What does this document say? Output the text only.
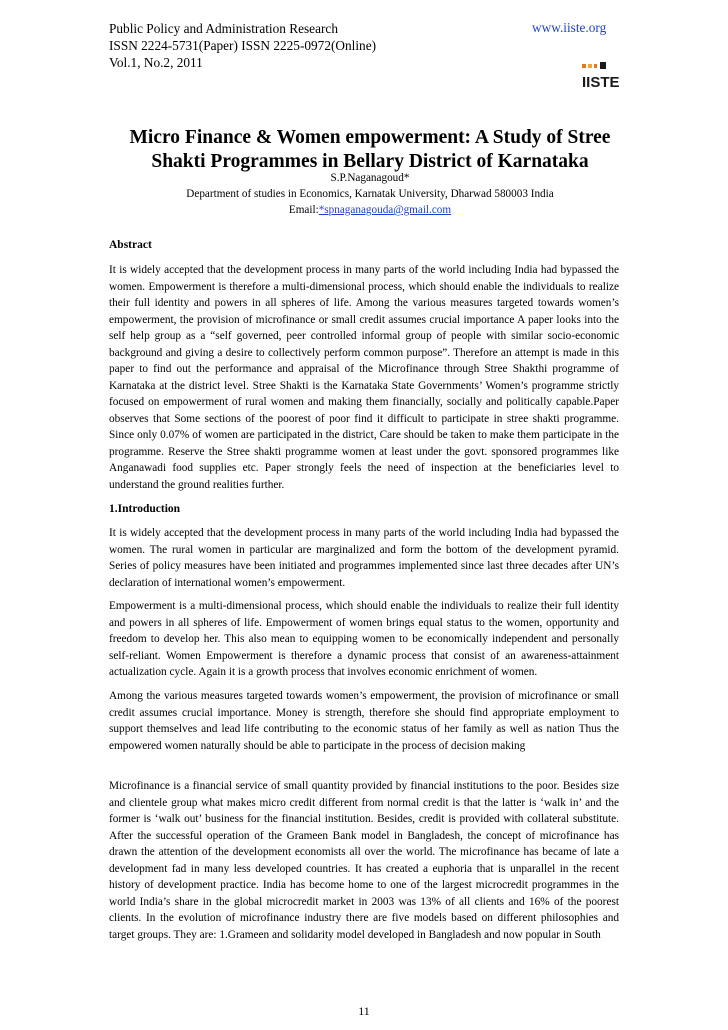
Public Policy and Administration Research
ISSN 2224-5731(Paper) ISSN 2225-0972(Online)
Vol.1, No.2, 2011
www.iiste.org
IISTE
Micro Finance & Women empowerment: A Study of Stree
Shakti Programmes in Bellary District of Karnataka
S.P.Naganagoud*
Department of studies in Economics, Karnatak University, Dharwad 580003 India
Email:*spnaganagouda@gmail.com
Abstract

It is widely accepted that the development process in many parts of the world including India had bypassed the women. Empowerment is therefore a multi-dimensional process, which should enable the individuals to realize their full identity and powers in all spheres of life. Among the various measures targeted towards women’s empowerment, the provision of microfinance or small credit assumes crucial importance A paper looks into the self help group as a “self governed, peer controlled informal group of people with similar socio-economic background and giving a desire to collectively perform common purpose”. Therefore an attempt is made in this paper to find out the performance and appraisal of the Microfinance through Stree Shakthi programme of Karnataka at the district level. Stree Shakti is the Karnataka State Governments’ Women’s programme strictly focused on empowerment of rural women and making them financially, socially and politically capable.Paper observes that Some sections of the poorest of poor find it difficult to participate in stree shakti programme. Since only 0.07% of women are participated in the district, Care should be taken to make them participate in the programme. Reserve the Stree shakti programme women at least under the govt. sponsored programmes like Anganawadi food supplies etc. Paper strongly feels the need of inspection at the beneficiaries level to understand the ground realities further.

1.Introduction

It is widely accepted that the development process in many parts of the world including India had bypassed the women. The rural women in particular are marginalized and form the bottom of the development pyramid. Series of policy measures have been initiated and programmes implemented since last three decades after UN’s declaration of international women’s empowerment.

Empowerment is a multi-dimensional process, which should enable the individuals to realize their full identity and powers in all spheres of life. Empowerment of women brings equal status to the women, opportunity and freedom to develop her. This also mean to equipping women to be economically independent and personally self-reliant. Women Empowerment is therefore a dynamic process that consist of an awareness-attainment actualization cycle. Again it is a growth process that involves economic enrichment of women.

Among the various measures targeted towards women’s empowerment, the provision of microfinance or small credit assumes crucial importance. Money is strength, therefore she should find appropriate employment to support themselves and lead life contributing to the economic status of her family as well as nation Thus the empowered women naturally should be able to participate in the process of decision making

Microfinance is a financial service of small quantity provided by financial institutions to the poor. Besides size and clientele group what makes micro credit different from normal credit is that the latter is ‘walk in’ and the former is ‘walk out’ business for the financial institution. Besides, credit is provided with collateral substitute. After the successful operation of the Grameen Bank model in Bangladesh, the concept of microfinance has drawn the attention of the development economists all over the world. The microfinance has became of late a development fad in many less developed countries. It has created a euphoria that is unparallel in the recent history of development practice. India has become home to one of the largest microcredit programmes in the world India’s share in the global microcredit market in 2003 was 13% of all clients and 16% of the poorest clients. In the evolution of microfinance industry there are five models based on different philosophies and target groups. They are: 1.Grameen and solidarity model developed in Bangladesh and now popular in South

11
